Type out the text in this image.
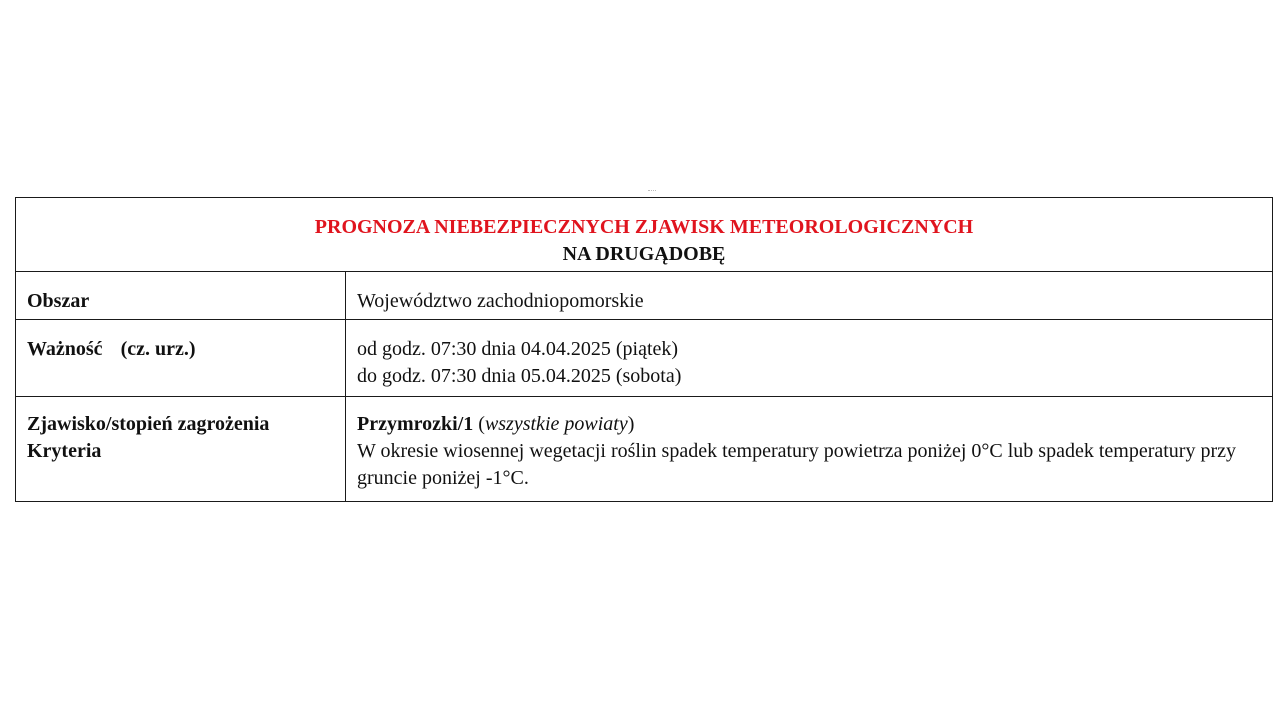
PROGNOZA NIEBEZPIECZNYCH ZJAWISK METEOROLOGICZNYCH
NA DRUGĄDOBĘ	

Obszar	Województwo zachodniopomorskie
Ważność (cz. urz.)	od godz. 07:30 dnia 04.04.2025 (piątek)
do godz. 07:30 dnia 05.04.2025 (sobota)

Zjawisko/stopień zagrożenia
Kryteria	Przymrozki/1 (wszystkie powiaty)
W okresie wiosennej wegetacji roślin spadek temperatury powietrza poniżej 0°C lub spadek temperatury przy gruncie poniżej -1°C.
